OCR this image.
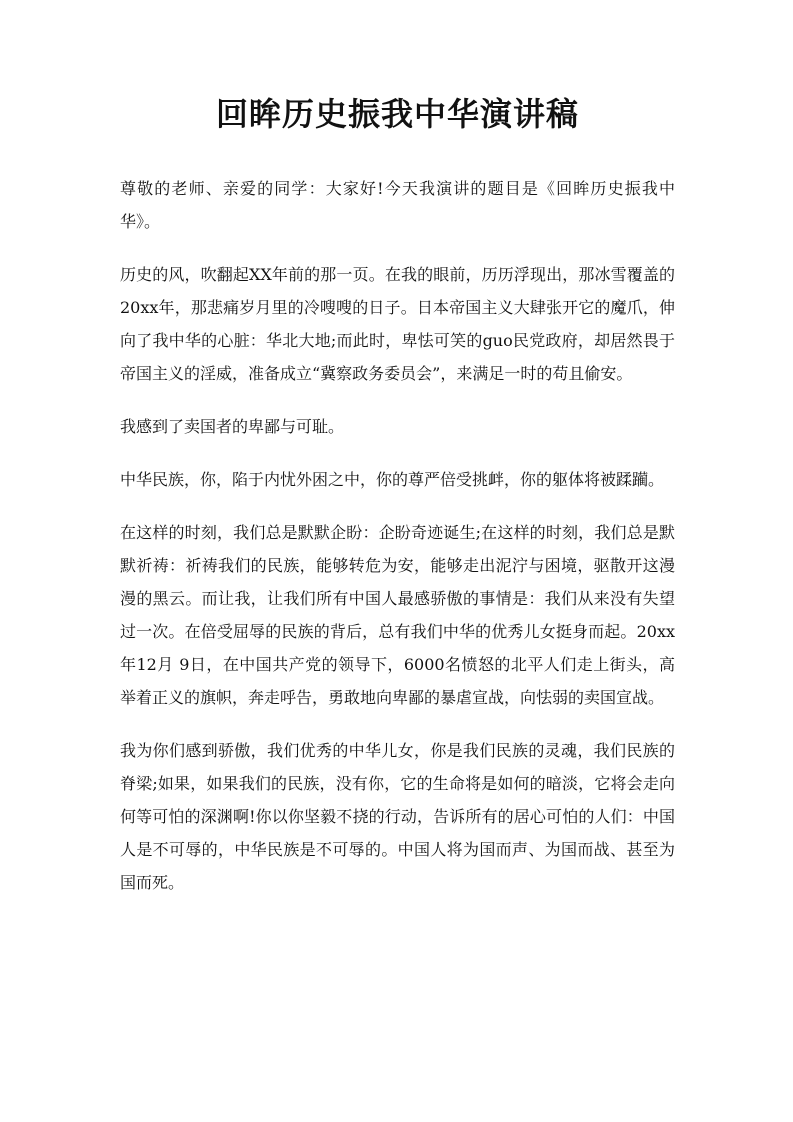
回眸历史振我中华演讲稿

尊敬的老师、亲爱的同学：大家好!今天我演讲的题目是《回眸历史振我中华》。

历史的风，吹翻起XX年前的那一页。在我的眼前，历历浮现出，那冰雪覆盖的20xx年，那悲痛岁月里的冷嗖嗖的日子。日本帝国主义大肆张开它的魔爪，伸向了我中华的心脏：华北大地;而此时，卑怯可笑的guo民党政府，却居然畏于帝国主义的淫威，准备成立“冀察政务委员会”，来满足一时的苟且偷安。

我感到了卖国者的卑鄙与可耻。

中华民族，你，陷于内忧外困之中，你的尊严倍受挑衅，你的躯体将被蹂躏。

在这样的时刻，我们总是默默企盼：企盼奇迹诞生;在这样的时刻，我们总是默默祈祷：祈祷我们的民族，能够转危为安，能够走出泥泞与困境，驱散开这漫漫的黑云。而让我，让我们所有中国人最感骄傲的事情是：我们从来没有失望过一次。在倍受屈辱的民族的背后，总有我们中华的优秀儿女挺身而起。20xx年12月 9日，在中国共产党的领导下，6000名愤怒的北平人们走上街头，高举着正义的旗帜，奔走呼告，勇敢地向卑鄙的暴虐宣战，向怯弱的卖国宣战。

我为你们感到骄傲，我们优秀的中华儿女，你是我们民族的灵魂，我们民族的脊梁;如果，如果我们的民族，没有你，它的生命将是如何的暗淡，它将会走向何等可怕的深渊啊!你以你坚毅不挠的行动，告诉所有的居心可怕的人们：中国人是不可辱的，中华民族是不可辱的。中国人将为国而声、为国而战、甚至为国而死。
